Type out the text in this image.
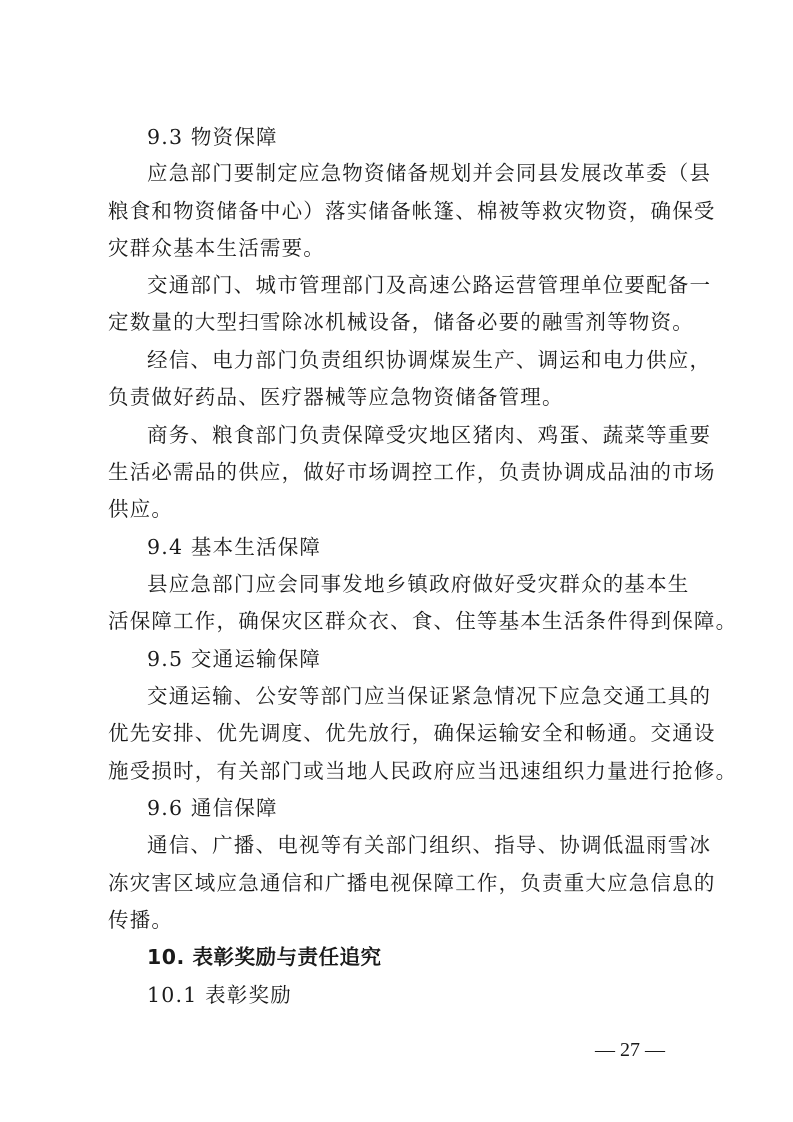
9.3 物资保障
应急部门要制定应急物资储备规划并会同县发展改革委（县
粮食和物资储备中心）落实储备帐篷、棉被等救灾物资，确保受
灾群众基本生活需要。
交通部门、城市管理部门及高速公路运营管理单位要配备一
定数量的大型扫雪除冰机械设备，储备必要的融雪剂等物资。
经信、电力部门负责组织协调煤炭生产、调运和电力供应，
负责做好药品、医疗器械等应急物资储备管理。
商务、粮食部门负责保障受灾地区猪肉、鸡蛋、蔬菜等重要
生活必需品的供应，做好市场调控工作，负责协调成品油的市场
供应。
9.4 基本生活保障
县应急部门应会同事发地乡镇政府做好受灾群众的基本生
活保障工作，确保灾区群众衣、食、住等基本生活条件得到保障。
9.5 交通运输保障
交通运输、公安等部门应当保证紧急情况下应急交通工具的
优先安排、优先调度、优先放行，确保运输安全和畅通。交通设
施受损时，有关部门或当地人民政府应当迅速组织力量进行抢修。
9.6 通信保障
通信、广播、电视等有关部门组织、指导、协调低温雨雪冰
冻灾害区域应急通信和广播电视保障工作，负责重大应急信息的
传播。
10. 表彰奖励与责任追究
10.1 表彰奖励
— 27 —
